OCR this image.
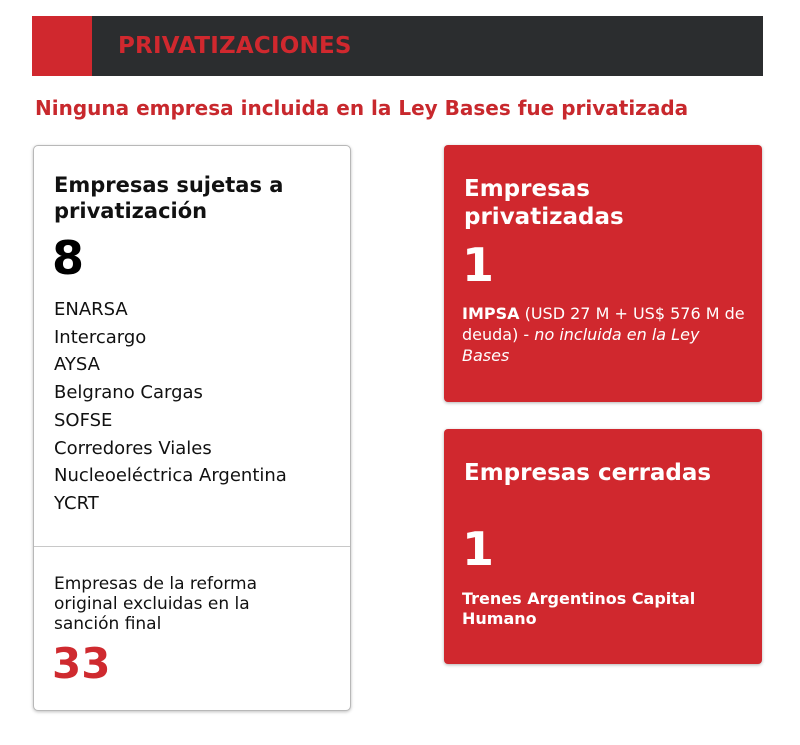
PRIVATIZACIONES
Ninguna empresa incluida en la Ley Bases fue privatizada
Empresas sujetas a privatización
8
ENARSA
Intercargo
AYSA
Belgrano Cargas
SOFSE
Corredores Viales
Nucleoeléctrica Argentina
YCRT
Empresas de la reforma original excluidas en la sanción final
33
Empresas privatizadas
1
IMPSA (USD 27 M + US$ 576 M de deuda) - no incluida en la Ley Bases
Empresas cerradas
1
Trenes Argentinos Capital Humano
